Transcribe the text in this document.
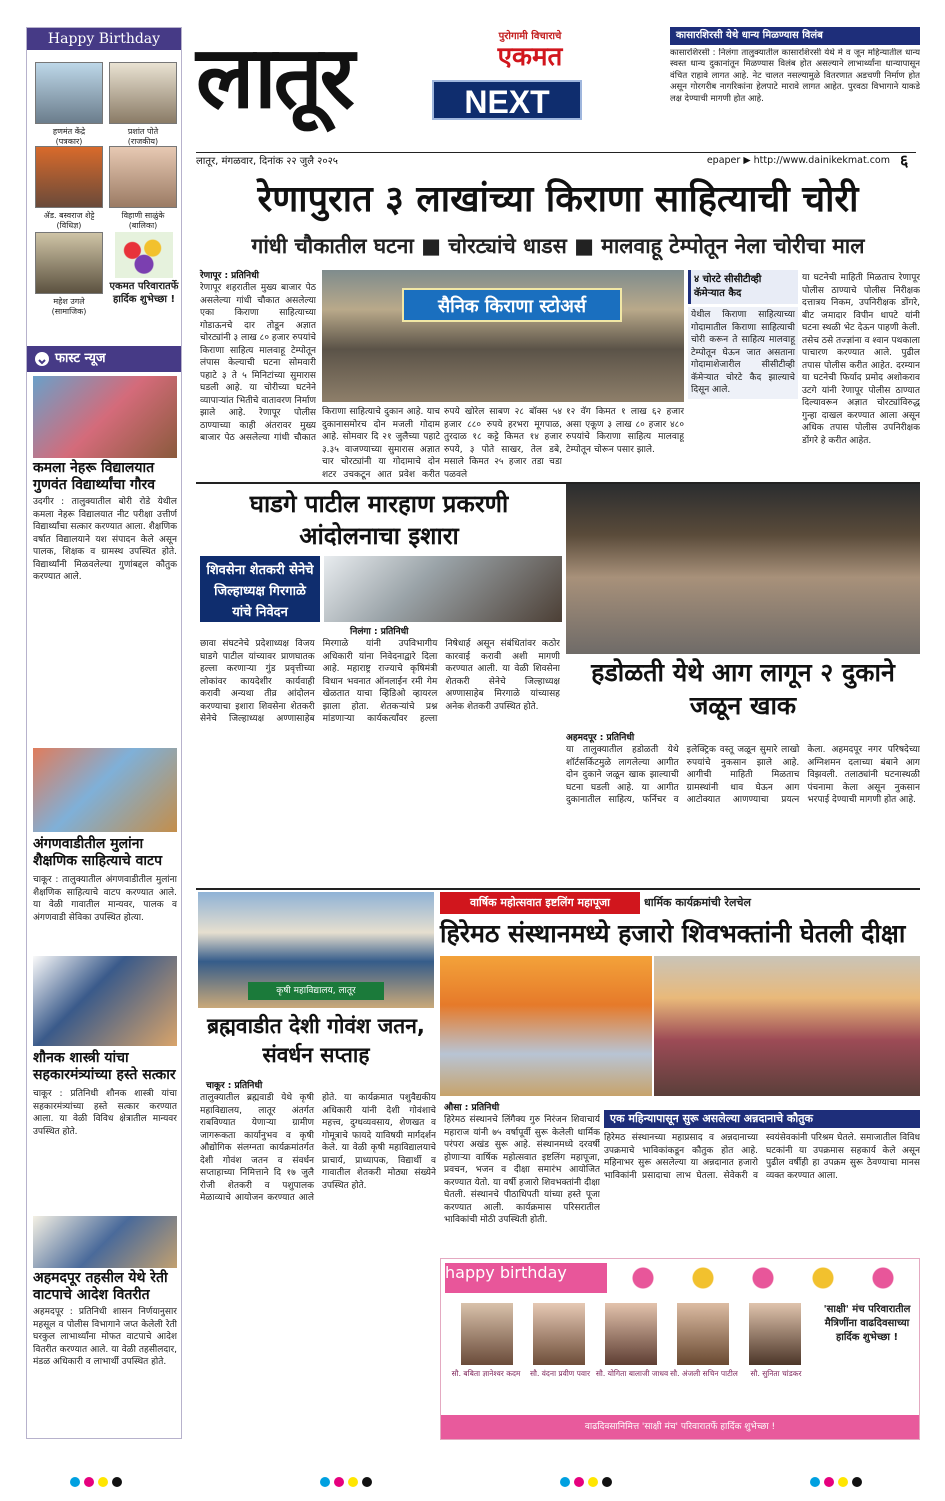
Happy Birthday
हणमंत केंद्रे
(पत्रकार)
प्रशांत पोते
(राजकीय)
ॲड. बस्वराज शेट्टे
(विधिज्ञ)
विहाणी साळुंके
(बालिका)
महेश उगले
(सामाजिक)
एकमत परिवारातर्फे हार्दिक शुभेच्छा !
फास्ट न्यूज
कमला नेहरू विद्यालयात गुणवंत विद्यार्थ्यांचा गौरव
उदगीर : तालुक्यातील बोरी रोडे येथील कमला नेहरू विद्यालयात नीट परीक्षा उत्तीर्ण विद्यार्थ्यांचा सत्कार करण्यात आला. शैक्षणिक वर्षात विद्यालयाने यश संपादन केले असून पालक, शिक्षक व ग्रामस्थ उपस्थित होते. विद्यार्थ्यांनी मिळवलेल्या गुणांबद्दल कौतुक करण्यात आले.
अंगणवाडीतील मुलांना शैक्षणिक साहित्याचे वाटप
चाकूर : तालुक्यातील अंगणवाडीतील मुलांना शैक्षणिक साहित्याचे वाटप करण्यात आले. या वेळी गावातील मान्यवर, पालक व अंगणवाडी सेविका उपस्थित होत्या.
शौनक शास्त्री यांचा सहकारमंत्र्यांच्या हस्ते सत्कार
चाकूर : प्रतिनिधी शौनक शास्त्री यांचा सहकारमंत्र्यांच्या हस्ते सत्कार करण्यात आला. या वेळी विविध क्षेत्रातील मान्यवर उपस्थित होते.
अहमदपूर तहसील येथे रेती वाटपाचे आदेश वितरीत
अहमदपूर : प्रतिनिधी शासन निर्णयानुसार महसूल व पोलीस विभागाने जप्त केलेली रेती घरकुल लाभार्थ्यांना मोफत वाटपाचे आदेश वितरीत करण्यात आले. या वेळी तहसीलदार, मंडळ अधिकारी व लाभार्थी उपस्थित होते.
लातूर	पुरोगामी विचाराचे
एकमत
NEXT
कासारशिरसी येथे धान्य मिळण्यास विलंब
कासारशिरसी : निलंगा तालुक्यातील कासारशिरसी येथे मे व जून महिन्यातील धान्य स्वस्त धान्य दुकानांतून मिळण्यास विलंब होत असल्याने लाभार्थ्यांना धान्यापासून वंचित राहावे लागत आहे. नेट चालत नसल्यामुळे वितरणात अडचणी निर्माण होत असून गोरगरीब नागरिकांना हेलपाटे मारावे लागत आहेत. पुरवठा विभागाने याकडे लक्ष देण्याची मागणी होत आहे.
लातूर, मंगळवार, दिनांक २२ जुलै २०२५	epaper ▶ http://www.dainikekmat.com ६
रेणापुरात ३ लाखांच्या किराणा साहित्याची चोरी
गांधी चौकातील घटना ■ चोरट्यांचे धाडस ■ मालवाहू टेम्पोतून नेला चोरीचा माल
रेणापूर : प्रतिनिधी
रेणापूर शहरातील मुख्य बाजार पेठ असलेल्या गांधी चौकात असलेल्या एका किराणा साहित्याच्या गोडाऊनचे दार तोडून अज्ञात चोरट्यांनी ३ लाख ८० हजार रुपयांचे किराणा साहित्य मालवाहू टेम्पोतून लंपास केल्याची घटना सोमवारी पहाटे ३ ते ५ मिनिटांच्या सुमारास घडली आहे. या चोरीच्या घटनेने व्यापाऱ्यांत भितीचे वातावरण निर्माण झाले आहे. रेणापूर पोलीस ठाण्याच्या काही अंतरावर मुख्य बाजार पेठ असलेल्या गांधी चौकात
सैनिक किराणा स्टोअर्स
किराणा साहित्याचे दुकान आहे. याच दुकानासमोरच दोन मजली गोदाम आहे. सोमवार दि २१ जुलैच्या पहाटे ३.३५ वाजण्याच्या सुमारास अज्ञात चार चोरट्यांनी या गोदामाचे दोन शटर उचकटून आत प्रवेश करीत
रुपये खोरेल साबण २८ बॉक्स ५४ हजार ८८० रुपये हरभरा मूगपाळ, तुरदाळ १८ कट्टे किमत १४ हजार रुपये, ३ पोते साखर, तेल डबे, मसाले किमत २५ हजार तडा चडा पळवले
१२ वॅग किमत १ लाख ६२ हजार असा एकूण ३ लाख ८० हजार ४८० रुपयांचे किराणा साहित्य मालवाहू टेम्पोतून चोरून पसार झाले.
४ चोरटे सीसीटीव्ही कॅमेऱ्यात कैद
येथील किराणा साहित्याच्या गोदामातील किराणा साहित्याची चोरी करून ते साहित्य मालवाहू टेम्पोतून घेऊन जात असताना गोदामाशेजारील सीसीटीव्ही कॅमेऱ्यात चोरटे कैद झाल्याचे दिसून आले.
या घटनेची माहिती मिळताच रेणापूर पोलीस ठाण्याचे पोलीस निरीक्षक दत्तात्रय निकम, उपनिरीक्षक डोंगरे, बीट जमादार विपीन धापटे यांनी घटना स्थळी भेट देऊन पाहणी केली. तसेच ठसे तज्ज्ञांना व श्वान पथकाला पाचारण करण्यात आले. पुढील तपास पोलीस करीत आहेत. दरम्यान या घटनेची फिर्याद प्रमोद अशोकराव उटगे यांनी रेणापूर पोलीस ठाण्यात दिल्यावरून अज्ञात चोरट्यांविरुद्ध गुन्हा दाखल करण्यात आला असून अधिक तपास पोलीस उपनिरीक्षक डोंगरे हे करीत आहेत.
घाडगे पाटील मारहाण प्रकरणी आंदोलनाचा इशारा
शिवसेना शेतकरी सेनेचे जिल्हाध्यक्ष गिरगाळे यांचे निवेदन
निलंगा : प्रतिनिधी
छावा संघटनेचे प्रदेशाध्यक्ष विजय घाडगे पाटील यांच्यावर प्राणघातक हल्ला करणाऱ्या गुंड प्रवृत्तीच्या लोकांवर कायदेशीर कार्यवाही करावी अन्यथा तीव्र आंदोलन करण्याचा इशारा शिवसेना शेतकरी सेनेचे जिल्हाध्यक्ष अण्णासाहेब मिरगाळे यांनी उपविभागीय अधिकारी यांना निवेदनाद्वारे दिला आहे. महाराष्ट्र राज्याचे कृषिमंत्री विधान भवनात ऑनलाईन रमी गेम खेळतात याचा व्हिडिओ व्हायरल झाला होता. शेतकऱ्यांचे प्रश्न मांडणाऱ्या कार्यकर्त्यांवर हल्ला निषेधार्ह असून संबंधितांवर कठोर कारवाई करावी अशी मागणी करण्यात आली. या वेळी शिवसेना शेतकरी सेनेचे जिल्हाध्यक्ष अण्णासाहेब मिरगाळे यांच्यासह अनेक शेतकरी उपस्थित होते.
हडोळती येथे आग लागून २ दुकाने जळून खाक
अहमदपूर : प्रतिनिधी
या तालुक्यातील हडोळती येथे शॉर्टसर्किटमुळे लागलेल्या आगीत दोन दुकाने जळून खाक झाल्याची घटना घडली आहे. या आगीत दुकानातील साहित्य, फर्निचर व इलेक्ट्रिक वस्तू जळून सुमारे लाखो रुपयांचे नुकसान झाले आहे. आगीची माहिती मिळताच ग्रामस्थांनी धाव घेऊन आग आटोक्यात आणण्याचा प्रयत्न केला. अहमदपूर नगर परिषदेच्या अग्निशमन दलाच्या बंबाने आग विझवली. तलाठ्यांनी घटनास्थळी पंचनामा केला असून नुकसान भरपाई देण्याची मागणी होत आहे.
कृषी महाविद्यालय, लातूर
ब्रह्मवाडीत देशी गोवंश जतन, संवर्धन सप्ताह
चाकूर : प्रतिनिधी
तालुक्यातील ब्रह्मवाडी येथे कृषी महाविद्यालय, लातूर अंतर्गत राबविण्यात येणाऱ्या ग्रामीण जागरूकता कार्यानुभव व कृषी औद्योगिक संलग्नता कार्यक्रमांतर्गत देशी गोवंश जतन व संवर्धन सप्ताहाच्या निमित्ताने दि १७ जुलै रोजी शेतकरी व पशुपालक मेळाव्याचे आयोजन करण्यात आले होते. या कार्यक्रमात पशुवैद्यकीय अधिकारी यांनी देशी गोवंशाचे महत्त्व, दुग्धव्यवसाय, शेणखत व गोमूत्राचे फायदे याविषयी मार्गदर्शन केले. या वेळी कृषी महाविद्यालयाचे प्राचार्य, प्राध्यापक, विद्यार्थी व गावातील शेतकरी मोठ्या संख्येने उपस्थित होते.
वार्षिक महोत्सवात इष्टलिंग महापूजा	धार्मिक कार्यक्रमांची रेलचेल
हिरेमठ संस्थानमध्ये हजारो शिवभक्तांनी घेतली दीक्षा
औसा : प्रतिनिधी
हिरेमठ संस्थानचे लिंगैक्य गुरु निरंजन शिवाचार्य महाराज यांनी ७५ वर्षापूर्वी सुरू केलेली धार्मिक परंपरा अखंड सुरू आहे. संस्थानमध्ये दरवर्षी होणाऱ्या वार्षिक महोत्सवात इष्टलिंग महापूजा, प्रवचन, भजन व दीक्षा समारंभ आयोजित करण्यात येतो. या वर्षी हजारो शिवभक्तांनी दीक्षा घेतली. संस्थानचे पीठाधिपती यांच्या हस्ते पूजा करण्यात आली. कार्यक्रमास परिसरातील भाविकांची मोठी उपस्थिती होती.
एक महिन्यापासून सुरू असलेल्या अन्नदानाचे कौतुक
हिरेमठ संस्थानच्या महाप्रसाद व अन्नदानाच्या उपक्रमाचे भाविकांकडून कौतुक होत आहे. महिनाभर सुरू असलेल्या या अन्नदानात हजारो भाविकांनी प्रसादाचा लाभ घेतला. सेवेकरी व स्वयंसेवकांनी परिश्रम घेतले. समाजातील विविध घटकांनी या उपक्रमास सहकार्य केले असून पुढील वर्षीही हा उपक्रम सुरू ठेवण्याचा मानस व्यक्त करण्यात आला.
happy birthday
सौ. बबिता ज्ञानेश्वर कदम	सौ. वंदना प्रवीण पवार सौ. योगिता बालाजी जाधव सौ. अंजली सचिन पाटील	सौ. सुनिता चांडकर
'साक्षी' मंच परिवारातील मैत्रिणींना वाढदिवसाच्या हार्दिक शुभेच्छा !
वाढदिवसानिमित्त 'साक्षी मंच' परिवारातर्फे हार्दिक शुभेच्छा !
